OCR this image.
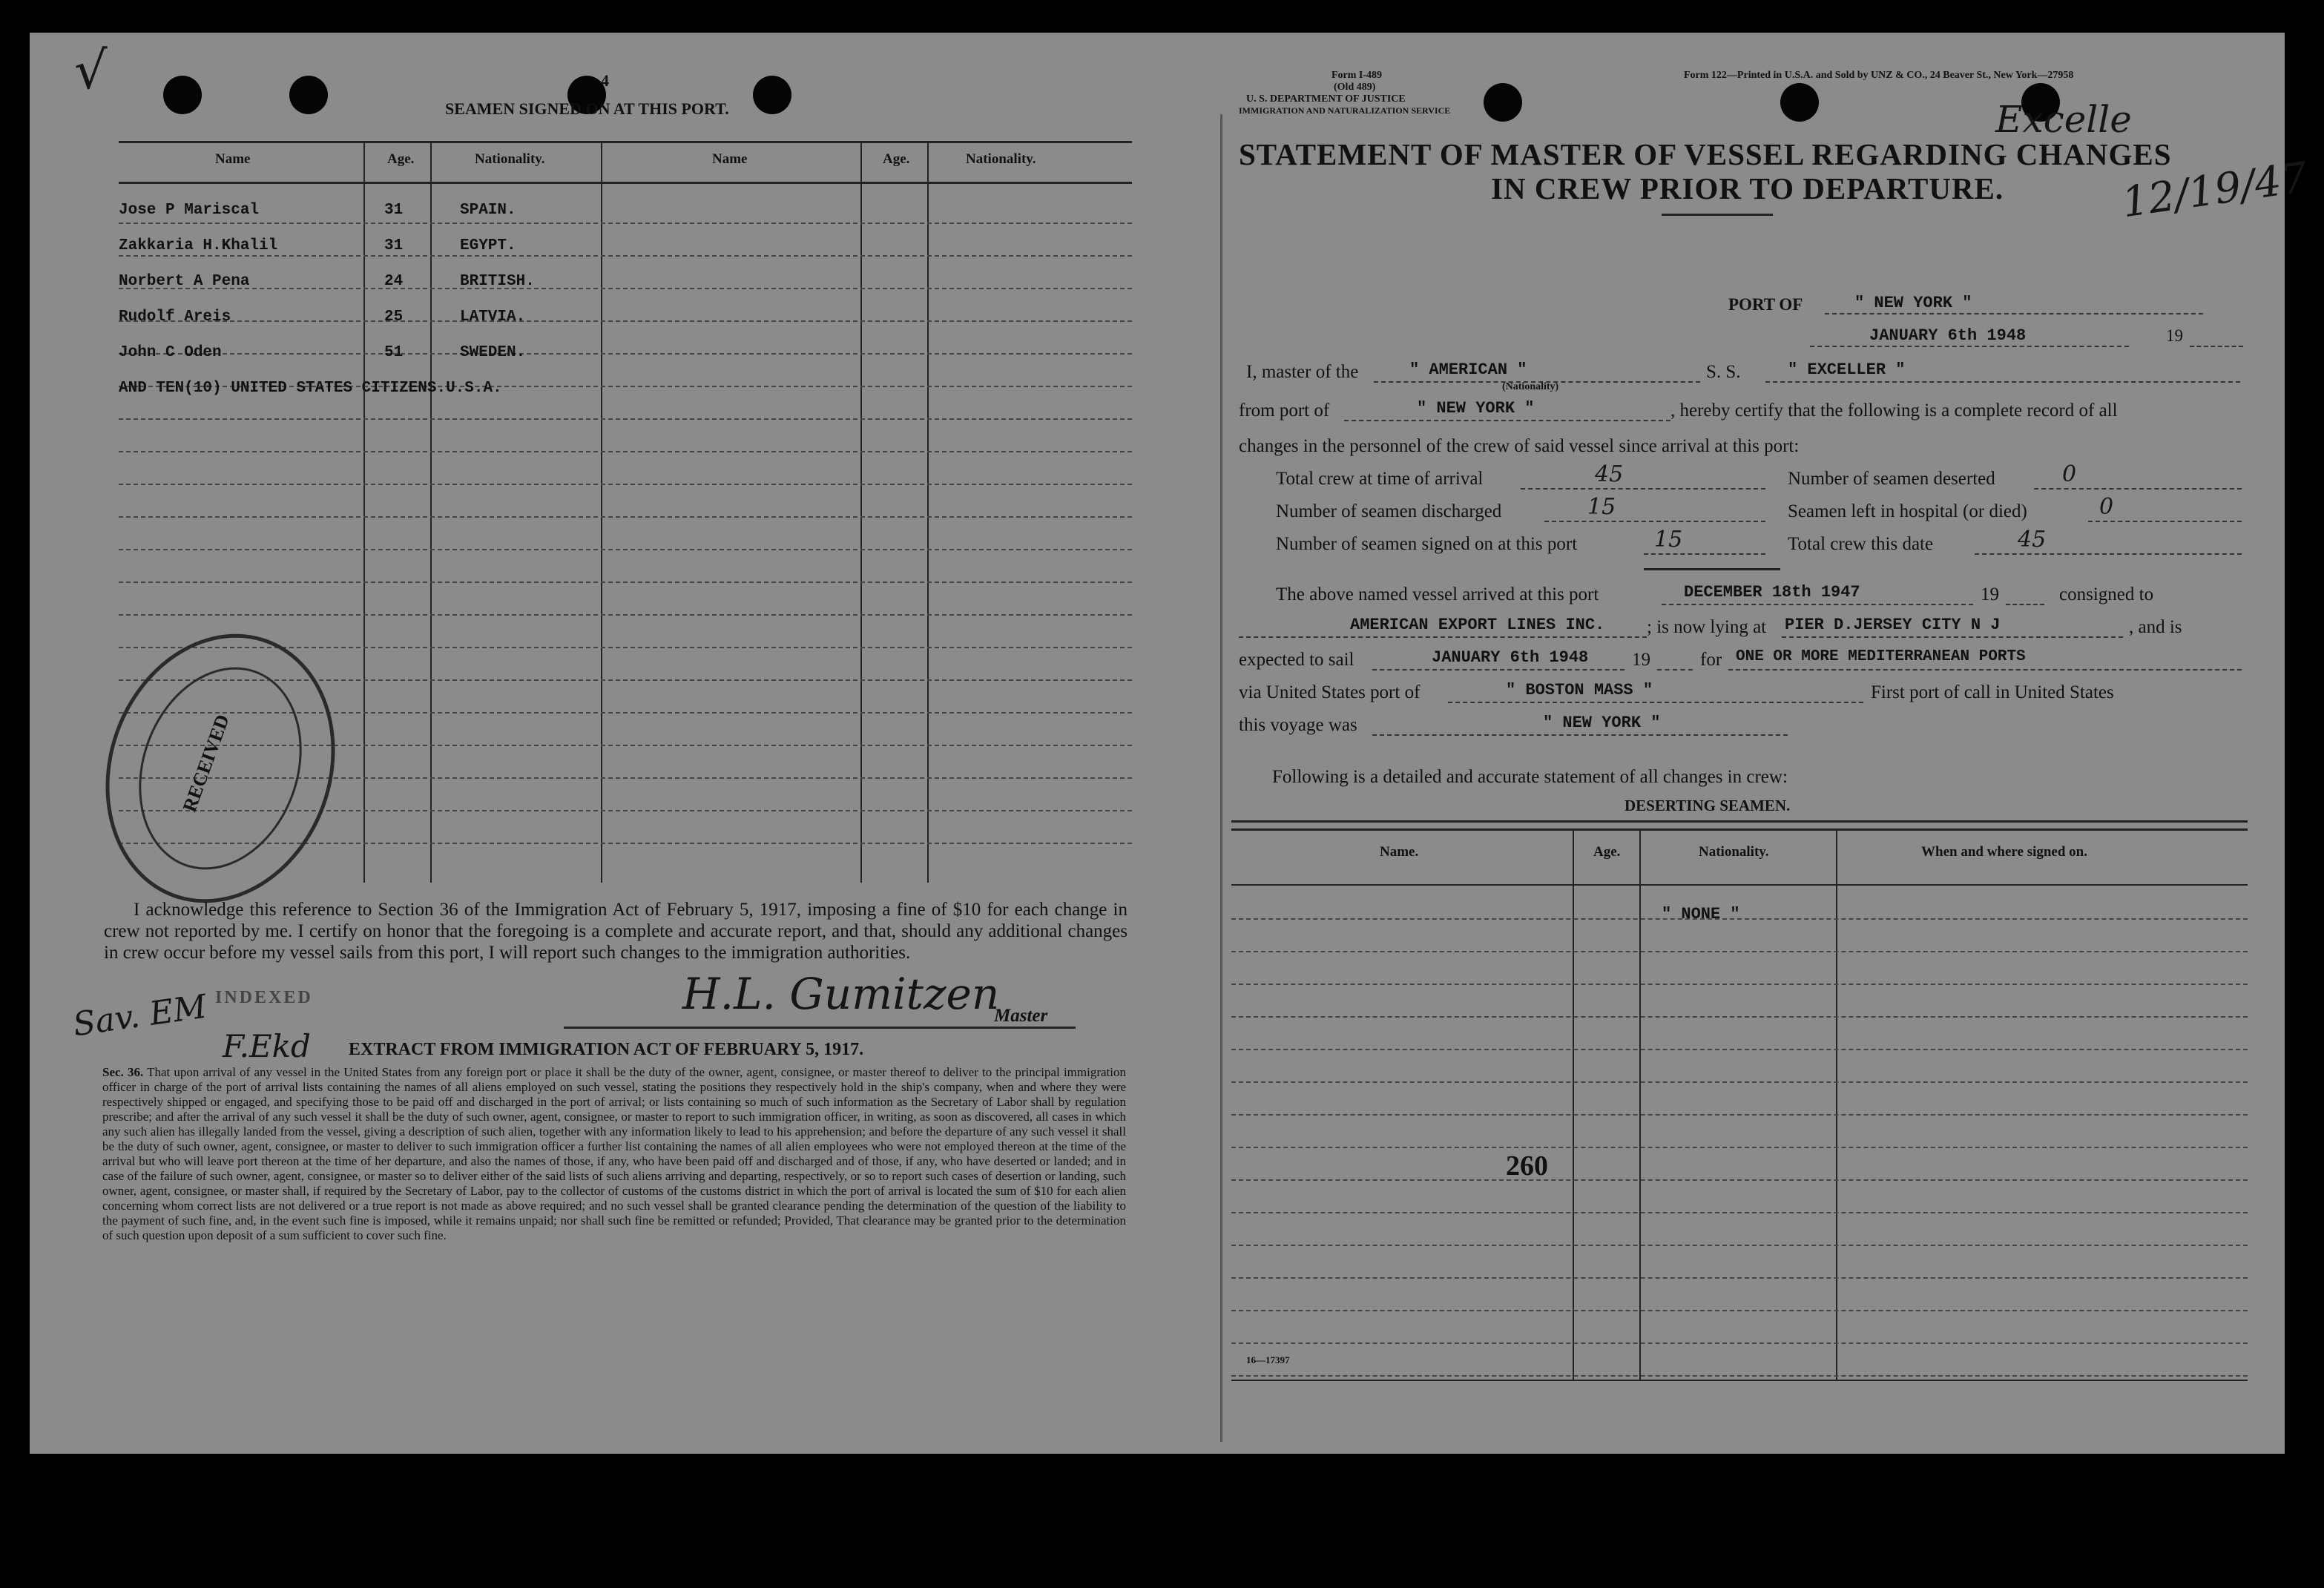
√	4
SEAMEN SIGNED ON AT THIS PORT.
Name	Age.	Nationality.	Name	Age.	Nationality.
Jose P Mariscal	31	SPAIN.
Zakkaria H.Khalil	31	EGYPT.
Norbert A Pena	24	BRITISH.
Rudolf Areis	25	LATVIA.
John C Oden	51	SWEDEN.
AND TEN(10) UNITED STATES CITIZENS.U.S.A.
RECEIVED
I acknowledge this reference to Section 36 of the Immigration Act of February 5, 1917, imposing a fine of $10 for each change in crew not reported by me. I certify on honor that the foregoing is a complete and accurate report, and that, should any additional changes in crew occur before my vessel sails from this port, I will report such changes to the immigration authorities.
H.L. Gumitzen
Master
Sav. EM INDEXED
F.Ekd EXTRACT FROM IMMIGRATION ACT OF FEBRUARY 5, 1917.
Sec. 36. That upon arrival of any vessel in the United States from any foreign port or place it shall be the duty of the owner, agent, consignee, or master thereof to deliver to the principal immigration officer in charge of the port of arrival lists containing the names of all aliens employed on such vessel, stating the positions they respectively hold in the ship's company, when and where they were respectively shipped or engaged, and specifying those to be paid off and discharged in the port of arrival; or lists containing so much of such information as the Secretary of Labor shall by regulation prescribe; and after the arrival of any such vessel it shall be the duty of such owner, agent, consignee, or master to report to such immigration officer, in writing, as soon as discovered, all cases in which any such alien has illegally landed from the vessel, giving a description of such alien, together with any information likely to lead to his apprehension; and before the departure of any such vessel it shall be the duty of such owner, agent, consignee, or master to deliver to such immigration officer a further list containing the names of all alien employees who were not employed thereon at the time of the arrival but who will leave port thereon at the time of her departure, and also the names of those, if any, who have been paid off and discharged and of those, if any, who have deserted or landed; and in case of the failure of such owner, agent, consignee, or master so to deliver either of the said lists of such aliens arriving and departing, respectively, or so to report such cases of desertion or landing, such owner, agent, consignee, or master shall, if required by the Secretary of Labor, pay to the collector of customs of the customs district in which the port of arrival is located the sum of $10 for each alien concerning whom correct lists are not delivered or a true report is not made as above required; and no such vessel shall be granted clearance pending the determination of the question of the liability to the payment of such fine, and, in the event such fine is imposed, while it remains unpaid; nor shall such fine be remitted or refunded; Provided, That clearance may be granted prior to the determination of such question upon deposit of a sum sufficient to cover such fine.
Form I-489
(Old 489)
U. S. DEPARTMENT OF JUSTICE
IMMIGRATION AND NATURALIZATION SERVICE
Form 122—Printed in U.S.A. and Sold by UNZ & CO., 24 Beaver St., New York—27958
STATEMENT OF MASTER OF VESSEL REGARDING CHANGES
IN CREW PRIOR TO DEPARTURE.
Excelle
12/19/47
PORT OF	" NEW YORK "
JANUARY 6th 1948	19
I, master of the	" AMERICAN "
(Nationality)
S. S.	" EXCELLER "
from port of	" NEW YORK "	, hereby certify that the following is a complete record of all
changes in the personnel of the crew of said vessel since arrival at this port:
Total crew at time of arrival	45	Number of seamen deserted	0
Number of seamen discharged	15	Seamen left in hospital (or died)	0
Number of seamen signed on at this port	15	Total crew this date	45
The above named vessel arrived at this port	DECEMBER 18th 1947	19	consigned to
AMERICAN EXPORT LINES INC. ; is now lying at PIER D.JERSEY CITY N J	, and is
expected to sail	JANUARY 6th 1948 19	for ONE OR MORE MEDITERRANEAN PORTS
via United States port of	" BOSTON MASS "	First port of call in United States
this voyage was	" NEW YORK "
Following is a detailed and accurate statement of all changes in crew:
DESERTING SEAMEN.
Name.	Age.	Nationality.	When and where signed on.
" NONE "
260
16—17397
